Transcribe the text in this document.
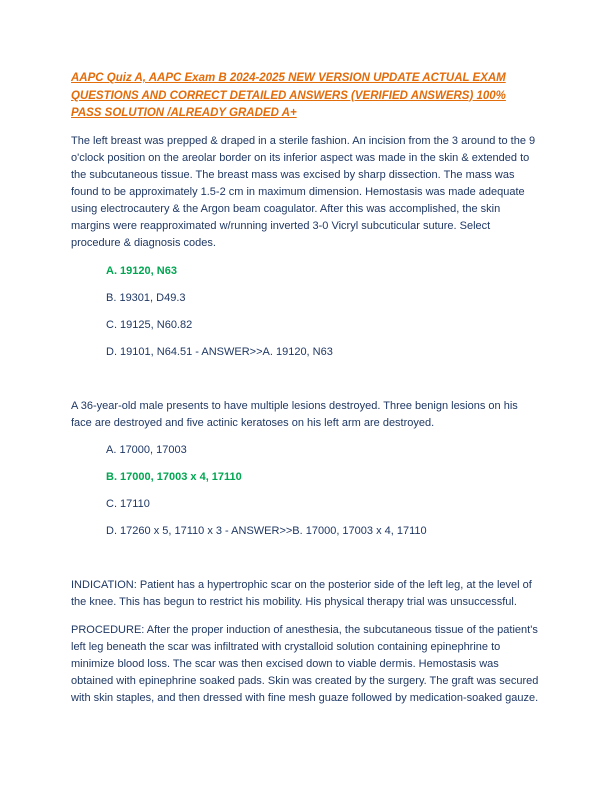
AAPC Quiz A, AAPC Exam B 2024-2025 NEW VERSION UPDATE ACTUAL EXAM QUESTIONS AND CORRECT DETAILED ANSWERS (VERIFIED ANSWERS) 100% PASS SOLUTION /ALREADY GRADED A+

The left breast was prepped & draped in a sterile fashion. An incision from the 3 around to the 9 o'clock position on the areolar border on its inferior aspect was made in the skin & extended to the subcutaneous tissue. The breast mass was excised by sharp dissection. The mass was found to be approximately 1.5-2 cm in maximum dimension. Hemostasis was made adequate using electrocautery & the Argon beam coagulator. After this was accomplished, the skin margins were reapproximated w/running inverted 3-0 Vicryl subcuticular suture. Select procedure & diagnosis codes.

A. 19120, N63

B. 19301, D49.3

C. 19125, N60.82

D. 19101, N64.51 - ANSWER>>A. 19120, N63

A 36-year-old male presents to have multiple lesions destroyed. Three benign lesions on his face are destroyed and five actinic keratoses on his left arm are destroyed.

A. 17000, 17003

B. 17000, 17003 x 4, 17110

C. 17110

D. 17260 x 5, 17110 x 3 - ANSWER>>B. 17000, 17003 x 4, 17110

INDICATION: Patient has a hypertrophic scar on the posterior side of the left leg, at the level of the knee. This has begun to restrict his mobility. His physical therapy trial was unsuccessful.

PROCEDURE: After the proper induction of anesthesia, the subcutaneous tissue of the patient's left leg beneath the scar was infiltrated with crystalloid solution containing epinephrine to minimize blood loss. The scar was then excised down to viable dermis. Hemostasis was obtained with epinephrine soaked pads. Skin was created by the surgery. The graft was secured with skin staples, and then dressed with fine mesh guaze followed by medication-soaked gauze.
